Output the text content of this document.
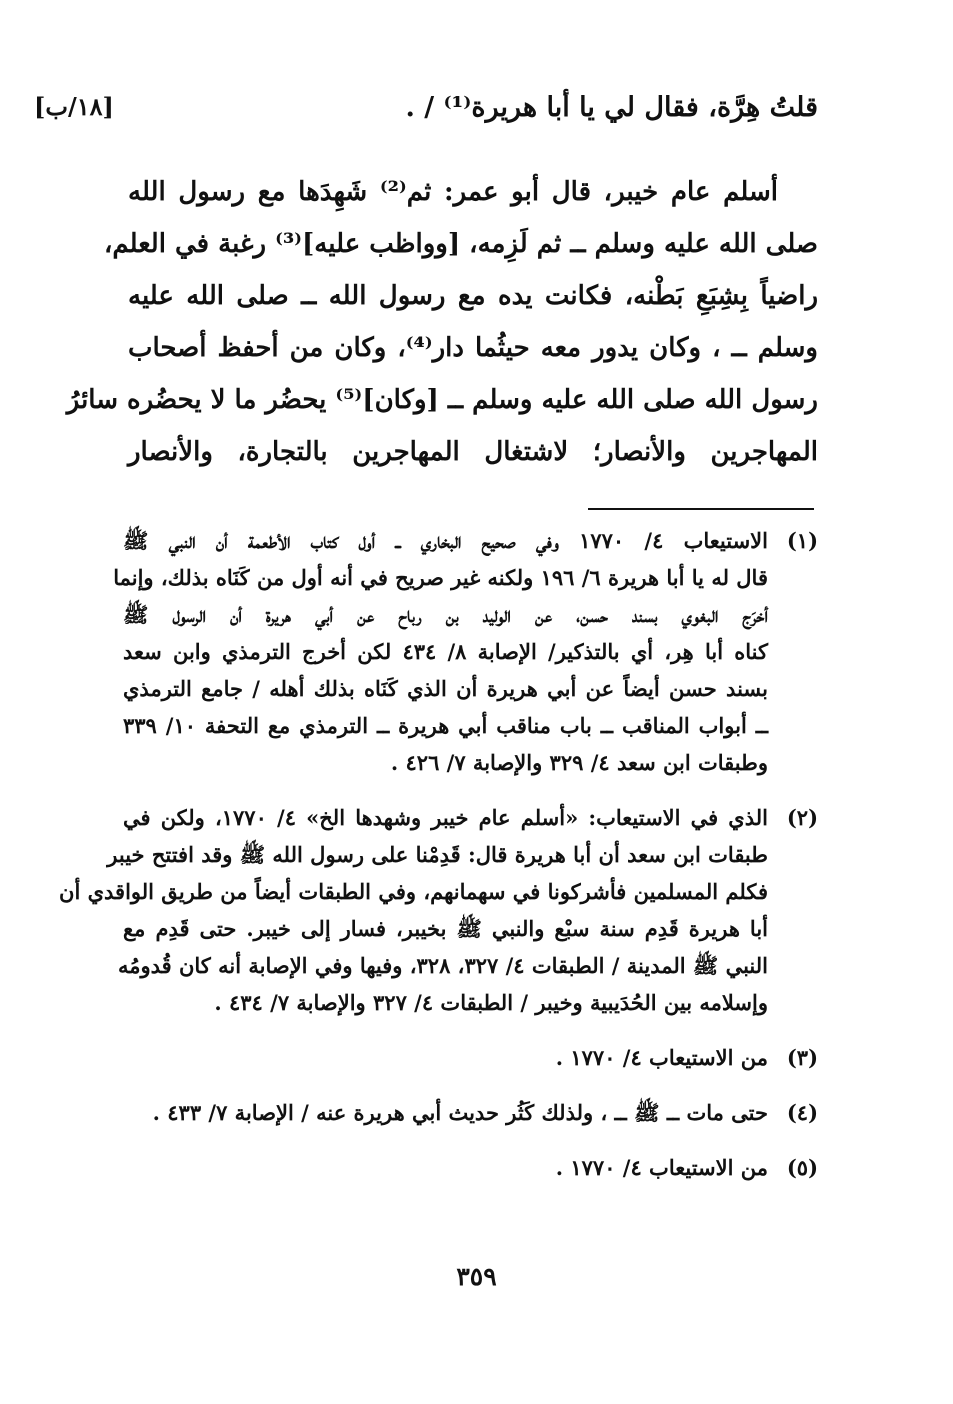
[١٨/ب]	قلتُ هِرَّة، فقال لي يا أبا هريرة⁽¹⁾ / .
أسلم عام خيبر، قال أبو عمر: ثم⁽²⁾ شَهِدَها مع رسول الله
صلى الله عليه وسلم ــ ثم لَزِمه، [وواظب عليه]⁽³⁾ رغبة في العلم،
راضياً بِشِبَعِ بَطْنه، فكانت يده مع رسول الله ــ صلى الله عليه
وسلم ــ ، وكان يدور معه حيثُما دار⁽⁴⁾، وكان من أحفظ أصحاب
رسول الله صلى الله عليه وسلم ــ [وكان]⁽⁵⁾ يحضُر ما لا يحضُره سائرُ
المهاجرين والأنصار؛ لاشتغال المهاجرين بالتجارة، والأنصار
(١)
الاستيعاب ٤/ ١٧٧٠ وفي صحيح البخاري ــ أول كتاب الأطعمة أن النبي ﷺ
قال له يا أبا هريرة ٦/ ١٩٦ ولكنه غير صريح في أنه أول من كَنَاه بذلك، وإنما
أخرَج البغوي بسند حسن، عن الوليد بن رباح عن أبي هريرة أن الرسول ﷺ
كناه أبا هِر، أي بالتذكير/ الإصابة ٨/ ٤٣٤ لكن أخرج الترمذي وابن سعد
بسند حسن أيضاً عن أبي هريرة أن الذي كَنَاه بذلك أهله / جامع الترمذي
ــ أبواب المناقب ــ باب مناقب أبي هريرة ــ الترمذي مع التحفة ١٠/ ٣٣٩
وطبقات ابن سعد ٤/ ٣٢٩ والإصابة ٧/ ٤٢٦ .
(٢)
الذي في الاستيعاب: «أسلم عام خيبر وشهدها الخ» ٤/ ١٧٧٠، ولكن في
طبقات ابن سعد أن أبا هريرة قال: قَدِمْنا على رسول الله ﷺ وقد افتتح خيبر
فكلم المسلمين فأشركونا في سهمانهم، وفي الطبقات أيضاً من طريق الواقدي أن
أبا هريرة قَدِم سنة سبْع والنبي ﷺ بخيبر، فسار إلى خيبر. حتى قَدِم مع
النبي ﷺ المدينة / الطبقات ٤/ ٣٢٧، ٣٢٨، وفيها وفي الإصابة أنه كان قُدومُه
وإسلامه بين الحُدَيبية وخيبر / الطبقات ٤/ ٣٢٧ والإصابة ٧/ ٤٣٤ .
(٣)
من الاستيعاب ٤/ ١٧٧٠ .
(٤)
حتى مات ــ ﷺ ــ ، ولذلك كَثُر حديث أبي هريرة عنه / الإصابة ٧/ ٤٣٣ .
(٥)
من الاستيعاب ٤/ ١٧٧٠ .
٣٥٩
